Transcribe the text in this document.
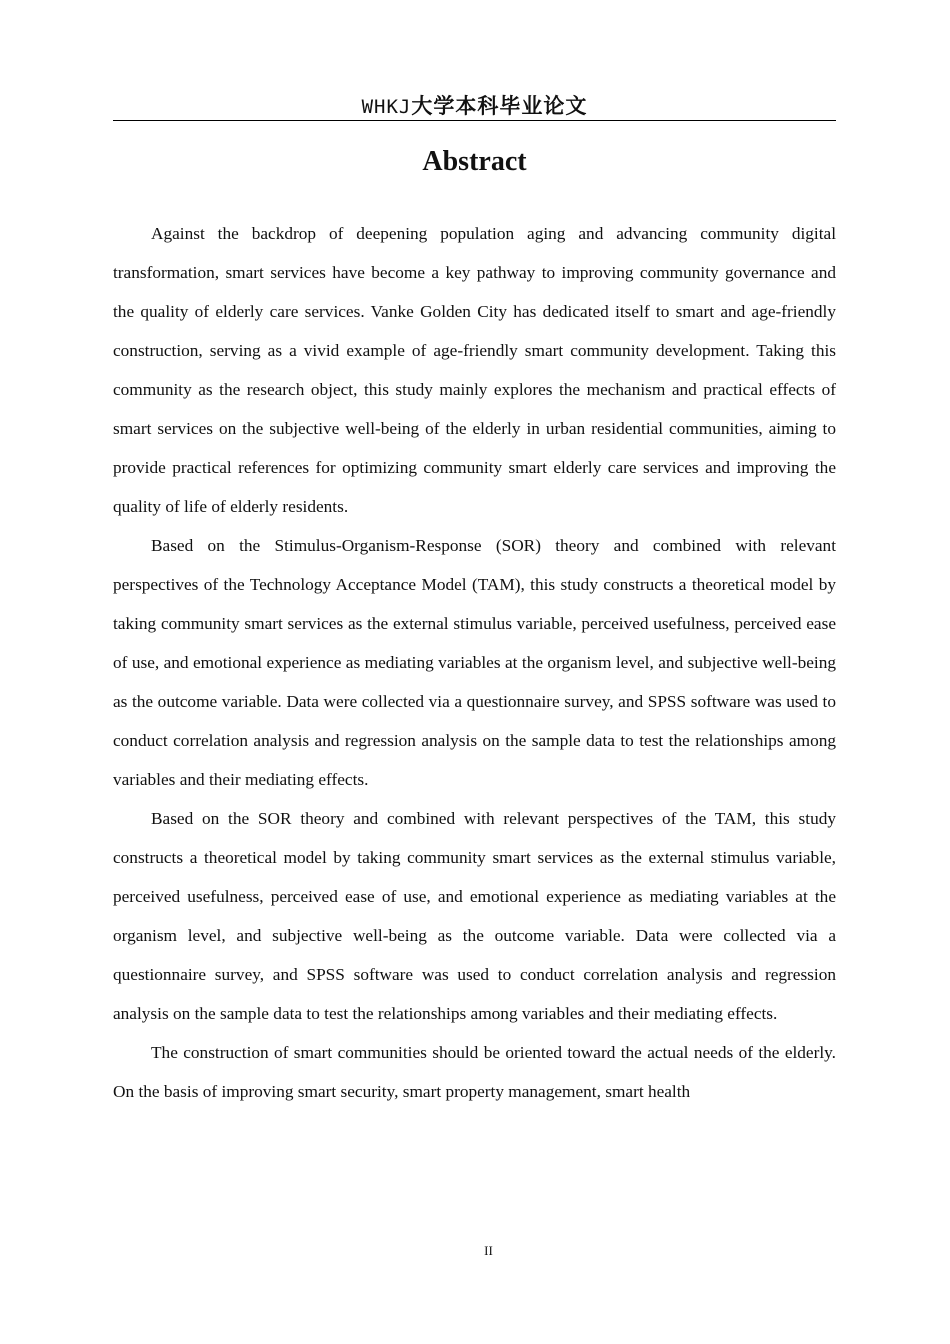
WHKJ大学本科毕业论文
Abstract

Against the backdrop of deepening population aging and advancing community digital transformation, smart services have become a key pathway to improving community governance and the quality of elderly care services. Vanke Golden City has dedicated itself to smart and age-friendly construction, serving as a vivid example of age-friendly smart community development. Taking this community as the research object, this study mainly explores the mechanism and practical effects of smart services on the subjective well-being of the elderly in urban residential communities, aiming to provide practical references for optimizing community smart elderly care services and improving the quality of life of elderly residents.

Based on the Stimulus-Organism-Response (SOR) theory and combined with relevant perspectives of the Technology Acceptance Model (TAM), this study constructs a theoretical model by taking community smart services as the external stimulus variable, perceived usefulness, perceived ease of use, and emotional experience as mediating variables at the organism level, and subjective well-being as the outcome variable. Data were collected via a questionnaire survey, and SPSS software was used to conduct correlation analysis and regression analysis on the sample data to test the relationships among variables and their mediating effects.

Based on the SOR theory and combined with relevant perspectives of the TAM, this study constructs a theoretical model by taking community smart services as the external stimulus variable, perceived usefulness, perceived ease of use, and emotional experience as mediating variables at the organism level, and subjective well-being as the outcome variable. Data were collected via a questionnaire survey, and SPSS software was used to conduct correlation analysis and regression analysis on the sample data to test the relationships among variables and their mediating effects.

The construction of smart communities should be oriented toward the actual needs of the elderly. On the basis of improving smart security, smart property management, smart health

II
